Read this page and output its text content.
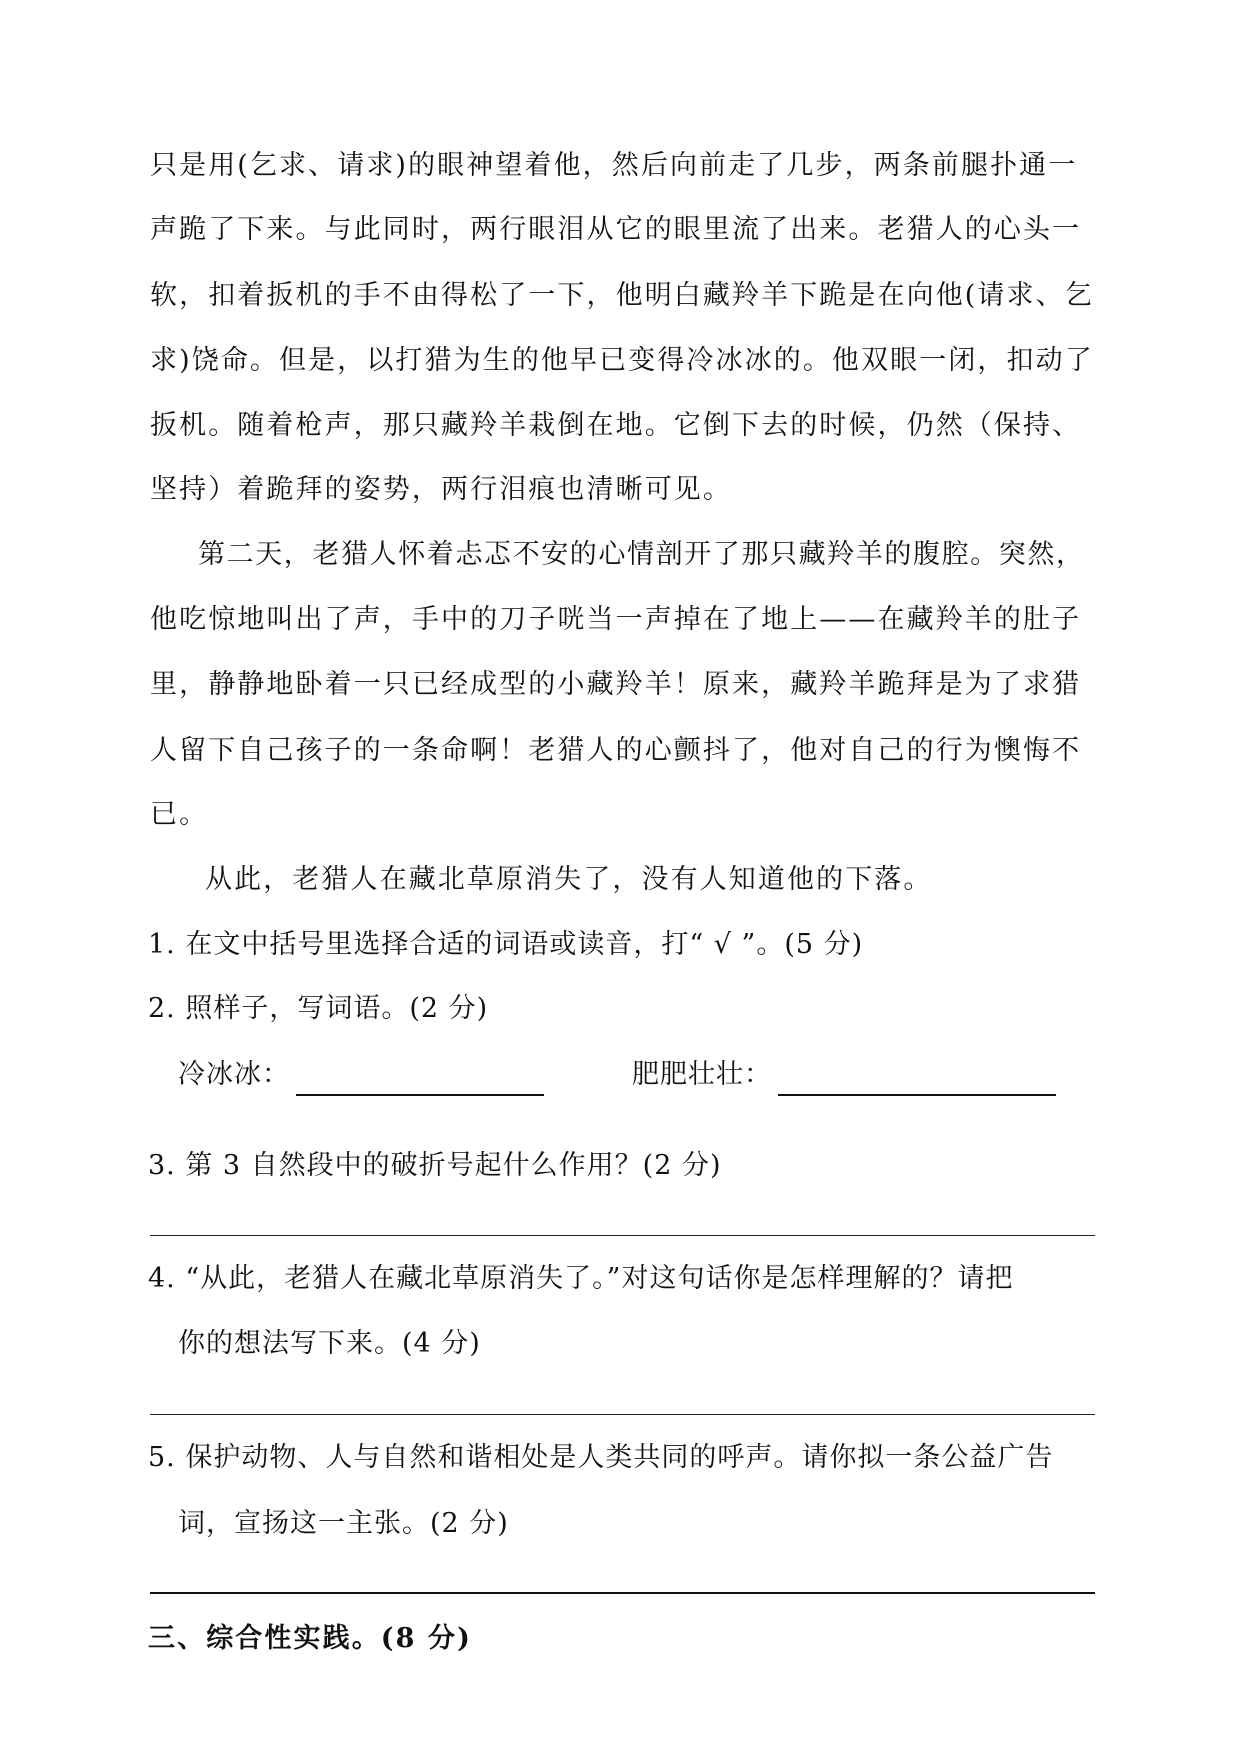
只是用(乞求、请求)的眼神望着他，然后向前走了几步，两条前腿扑通一
声跪了下来。与此同时，两行眼泪从它的眼里流了出来。老猎人的心头一
软，扣着扳机的手不由得松了一下，他明白藏羚羊下跪是在向他(请求、乞
求)饶命。但是，以打猎为生的他早已变得冷冰冰的。他双眼一闭，扣动了
扳机。随着枪声，那只藏羚羊栽倒在地。它倒下去的时候，仍然（保持、
坚持）着跪拜的姿势，两行泪痕也清晰可见。
第二天，老猎人怀着忐忑不安的心情剖开了那只藏羚羊的腹腔。突然，
他吃惊地叫出了声，手中的刀子咣当一声掉在了地上——在藏羚羊的肚子
里，静静地卧着一只已经成型的小藏羚羊！原来，藏羚羊跪拜是为了求猎
人留下自己孩子的一条命啊！老猎人的心颤抖了，他对自己的行为懊悔不
已。
从此，老猎人在藏北草原消失了，没有人知道他的下落。
1. 在文中括号里选择合适的词语或读音，打“ √ ”。(5 分)
2. 照样子，写词语。(2 分)
冷冰冰：	肥肥壮壮：
3. 第 3 自然段中的破折号起什么作用？(2 分)
4. “从此，老猎人在藏北草原消失了。”对这句话你是怎样理解的？请把
你的想法写下来。(4 分)
5. 保护动物、人与自然和谐相处是人类共同的呼声。请你拟一条公益广告
词，宣扬这一主张。(2 分)
三、综合性实践。(8 分)
